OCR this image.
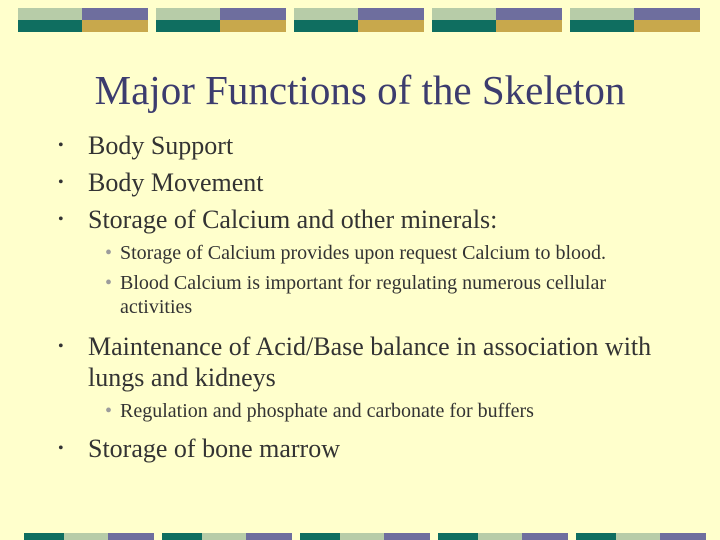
Major Functions of the Skeleton
• Body Support
• Body Movement
• Storage of Calcium and other minerals:
• Storage of Calcium provides upon request Calcium to blood.
• Blood Calcium is important for regulating numerous cellular activities
• Maintenance of Acid/Base balance in association with lungs and kidneys
• Regulation and phosphate and carbonate for buffers
• Storage of bone marrow
